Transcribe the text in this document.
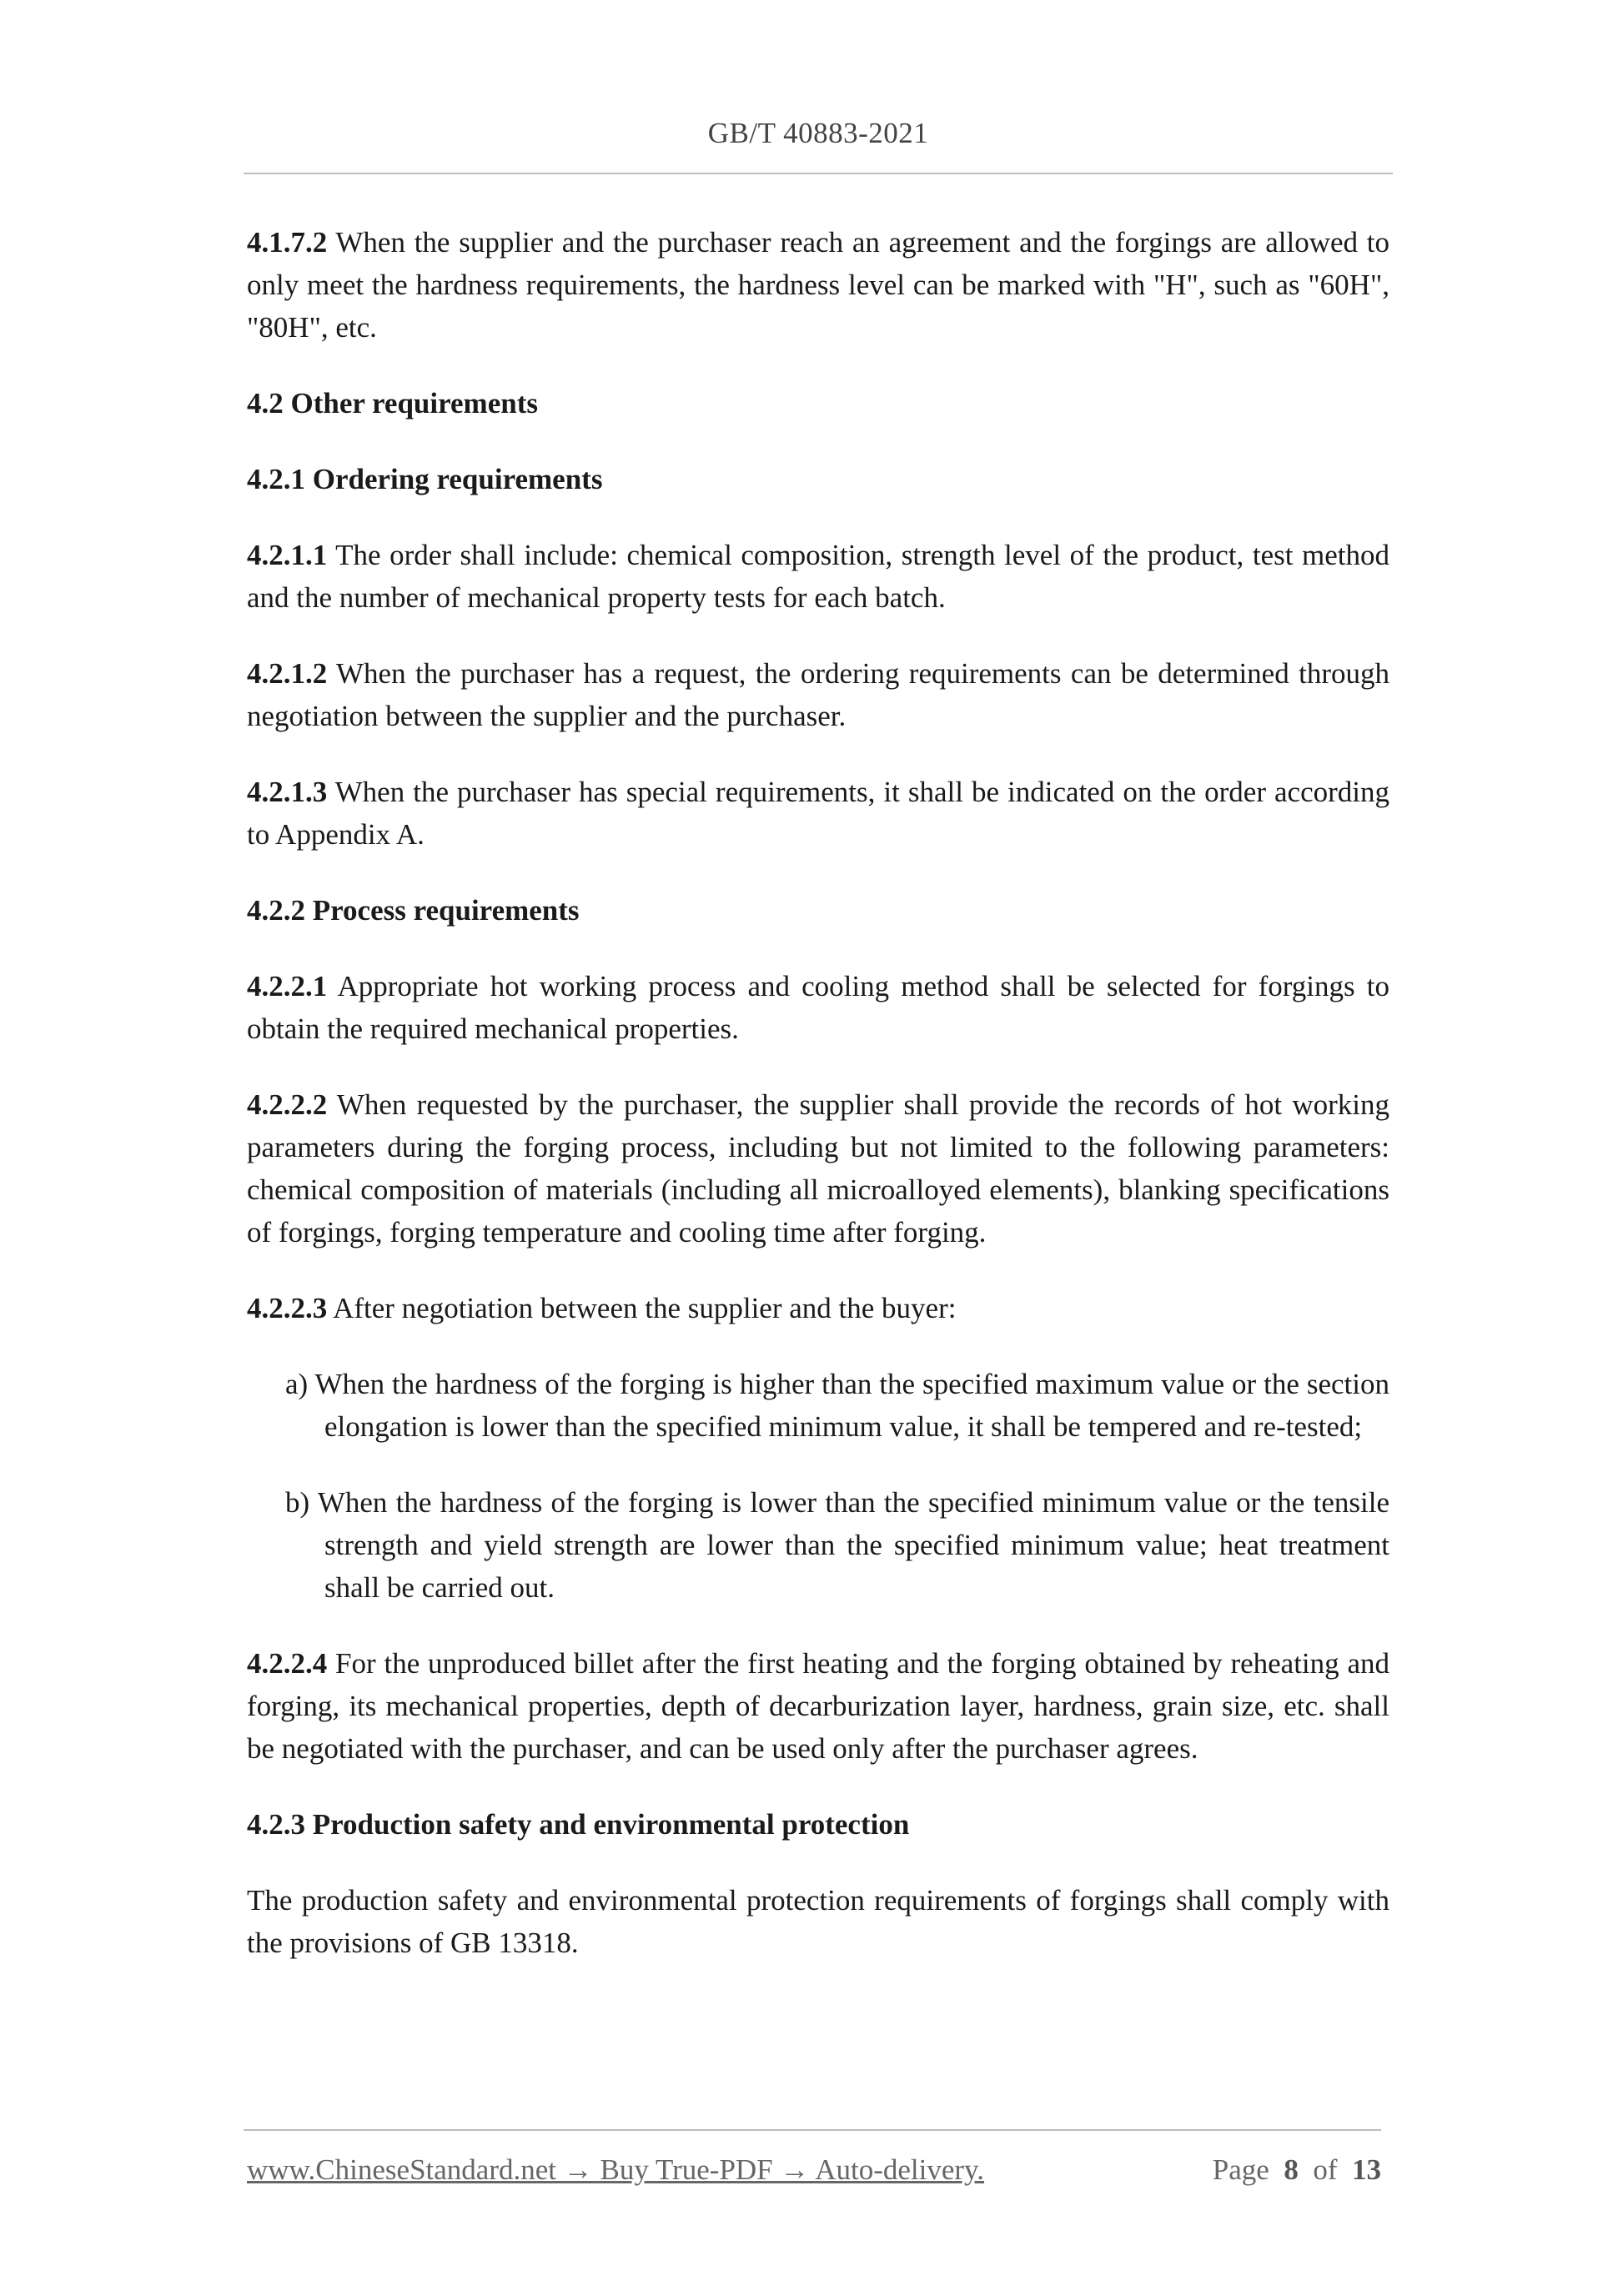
GB/T 40883-2021

4.1.7.2 When the supplier and the purchaser reach an agreement and the forgings are allowed to only meet the hardness requirements, the hardness level can be marked with "H", such as "60H", "80H", etc.

4.2 Other requirements

4.2.1 Ordering requirements

4.2.1.1 The order shall include: chemical composition, strength level of the product, test method and the number of mechanical property tests for each batch.

4.2.1.2 When the purchaser has a request, the ordering requirements can be determined through negotiation between the supplier and the purchaser.

4.2.1.3 When the purchaser has special requirements, it shall be indicated on the order according to Appendix A.

4.2.2 Process requirements

4.2.2.1 Appropriate hot working process and cooling method shall be selected for forgings to obtain the required mechanical properties.

4.2.2.2 When requested by the purchaser, the supplier shall provide the records of hot working parameters during the forging process, including but not limited to the following parameters: chemical composition of materials (including all microalloyed elements), blanking specifications of forgings, forging temperature and cooling time after forging.

4.2.2.3 After negotiation between the supplier and the buyer:

a) When the hardness of the forging is higher than the specified maximum value or the section elongation is lower than the specified minimum value, it shall be tempered and re-tested;

b) When the hardness of the forging is lower than the specified minimum value or the tensile strength and yield strength are lower than the specified minimum value; heat treatment shall be carried out.

4.2.2.4 For the unproduced billet after the first heating and the forging obtained by reheating and forging, its mechanical properties, depth of decarburization layer, hardness, grain size, etc. shall be negotiated with the purchaser, and can be used only after the purchaser agrees.

4.2.3 Production safety and environmental protection

The production safety and environmental protection requirements of forgings shall comply with the provisions of GB 13318.

www.ChineseStandard.net → Buy True-PDF → Auto-delivery.	Page 8 of 13
